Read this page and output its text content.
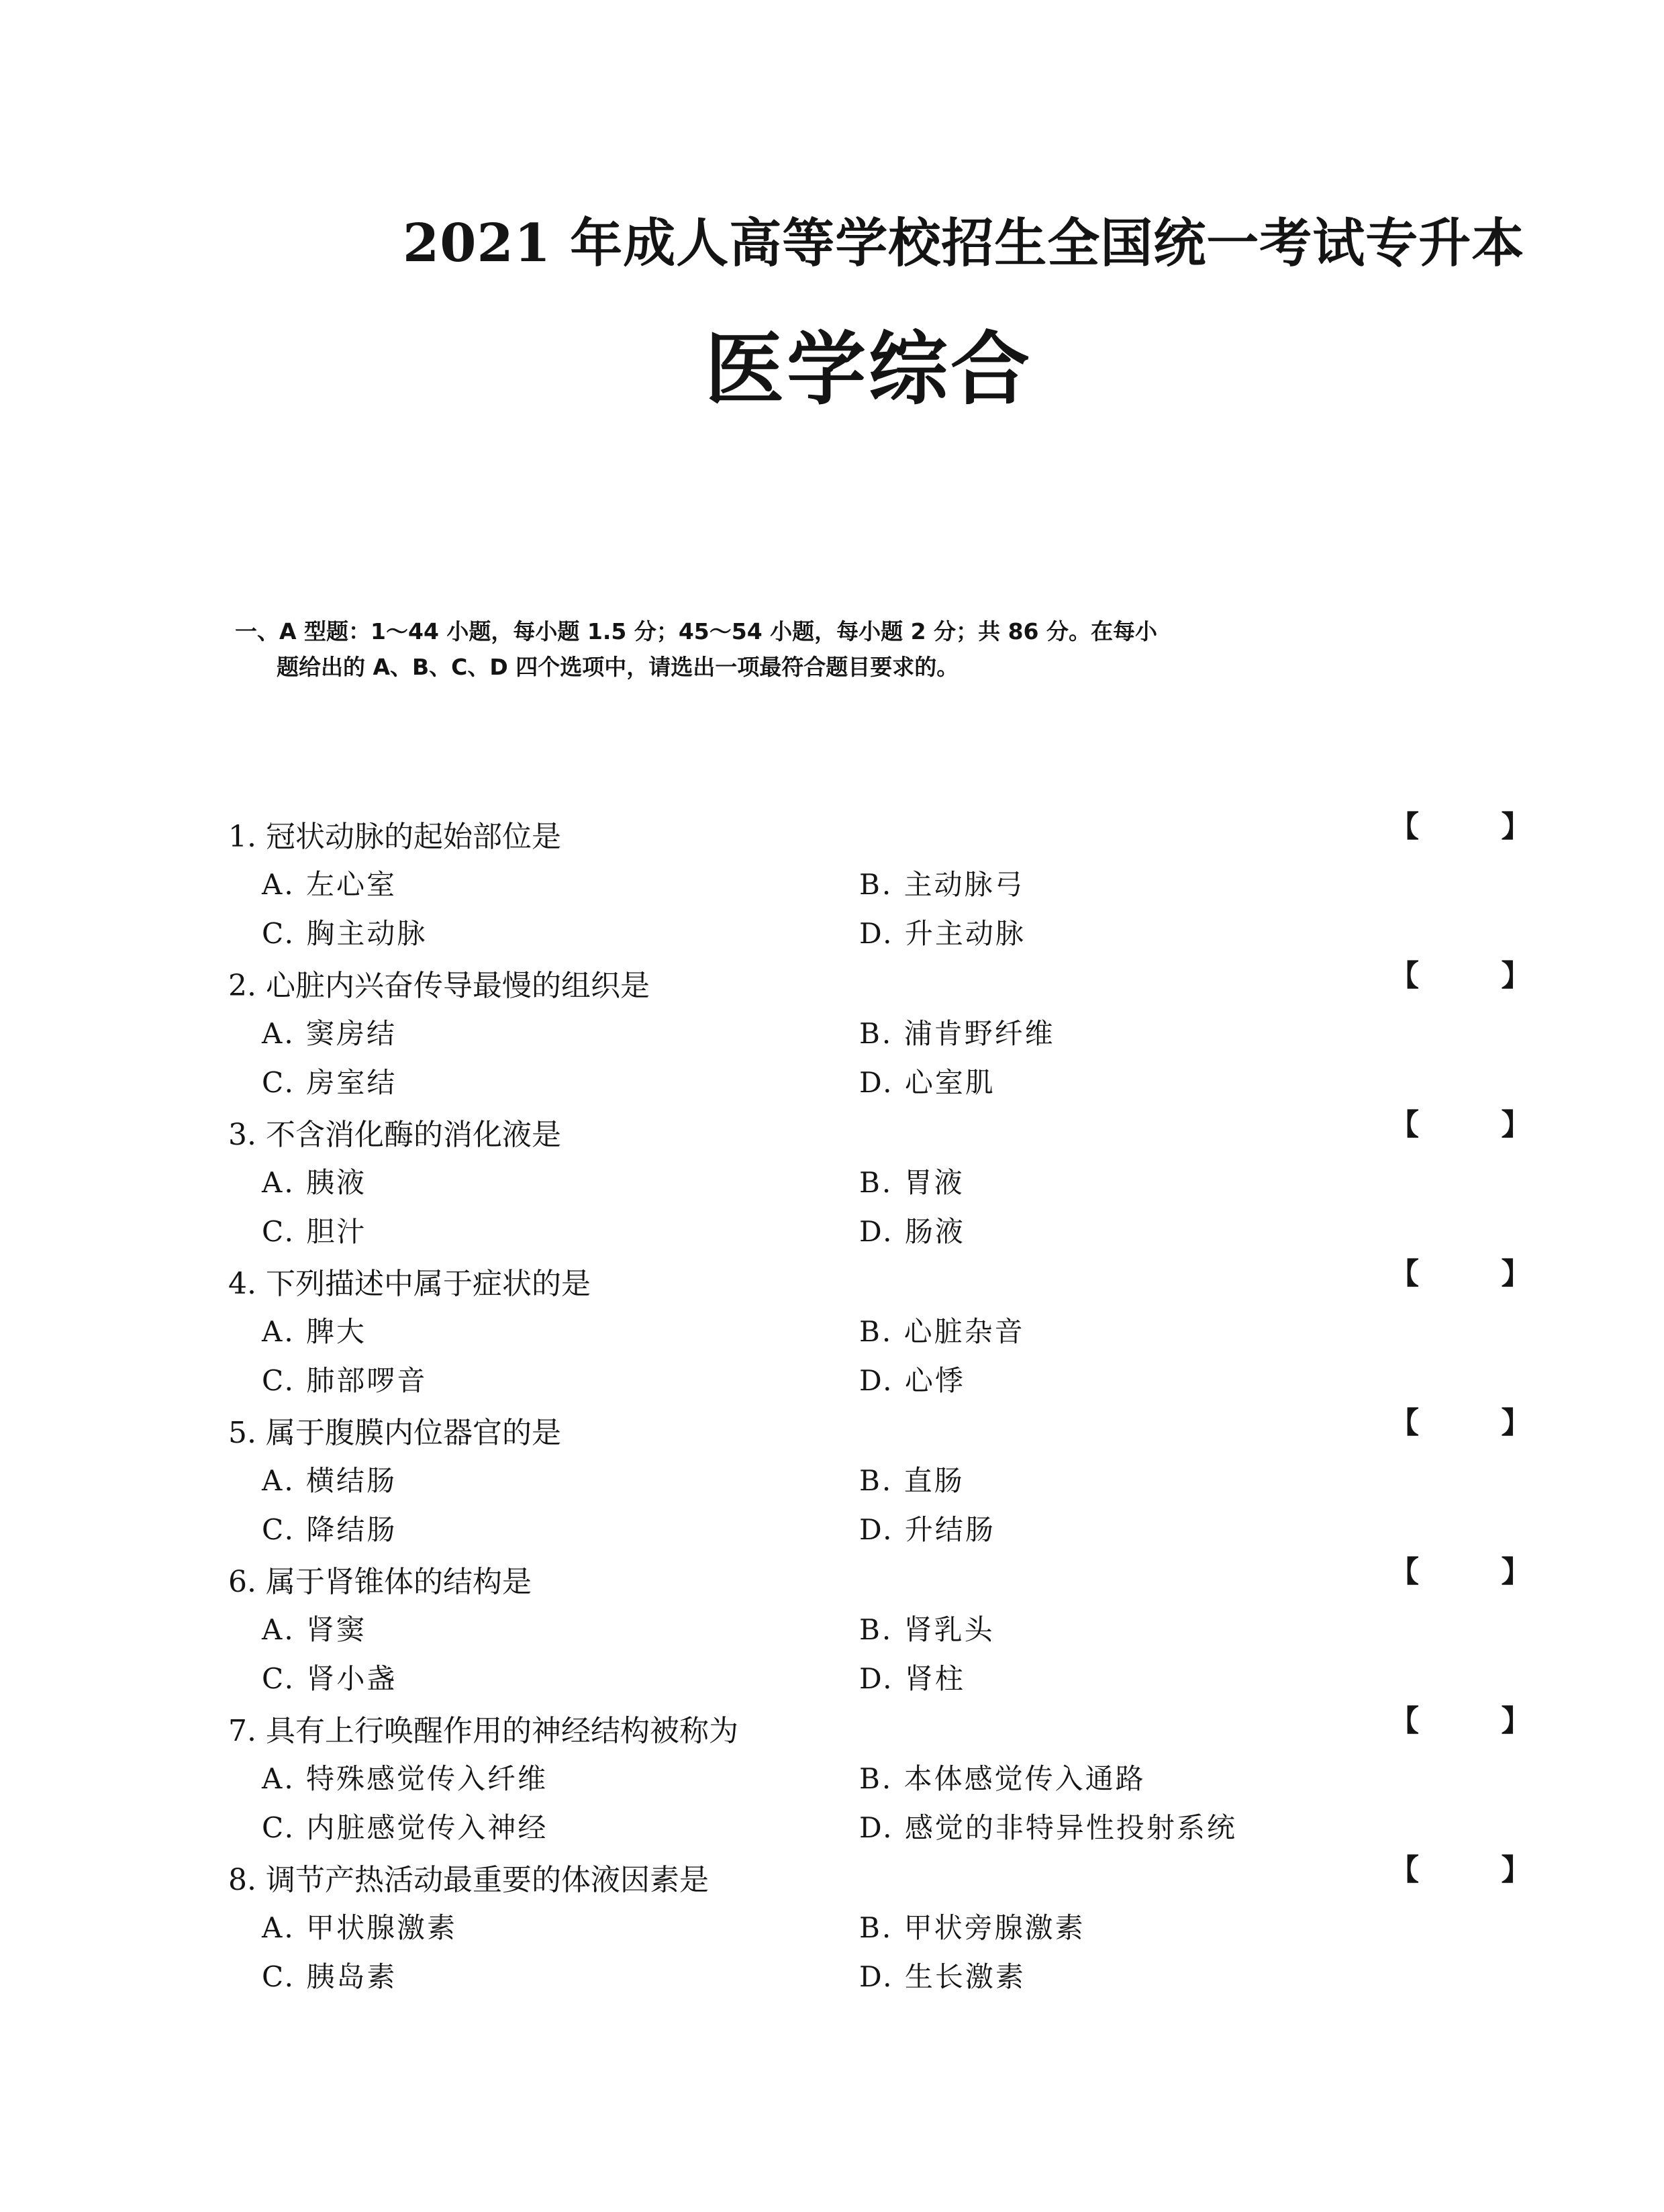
2021 年成人高等学校招生全国统一考试专升本
医学综合
一、A 型题：1～44 小题，每小题 1.5 分；45～54 小题，每小题 2 分；共 86 分。在每小
题给出的 A、B、C、D 四个选项中，请选出一项最符合题目要求的。
1. 冠状动脉的起始部位是	【        】
A. 左心室	B. 主动脉弓
C. 胸主动脉	D. 升主动脉
2. 心脏内兴奋传导最慢的组织是	【        】
A. 窦房结	B. 浦肯野纤维
C. 房室结	D. 心室肌
3. 不含消化酶的消化液是	【        】
A. 胰液	B. 胃液
C. 胆汁	D. 肠液
4. 下列描述中属于症状的是	【        】
A. 脾大	B. 心脏杂音
C. 肺部啰音	D. 心悸
5. 属于腹膜内位器官的是	【        】
A. 横结肠	B. 直肠
C. 降结肠	D. 升结肠
6. 属于肾锥体的结构是	【        】
A. 肾窦	B. 肾乳头
C. 肾小盏	D. 肾柱
7. 具有上行唤醒作用的神经结构被称为	【        】
A. 特殊感觉传入纤维	B. 本体感觉传入通路
C. 内脏感觉传入神经	D. 感觉的非特异性投射系统
8. 调节产热活动最重要的体液因素是	【        】
A. 甲状腺激素	B. 甲状旁腺激素
C. 胰岛素	D. 生长激素
